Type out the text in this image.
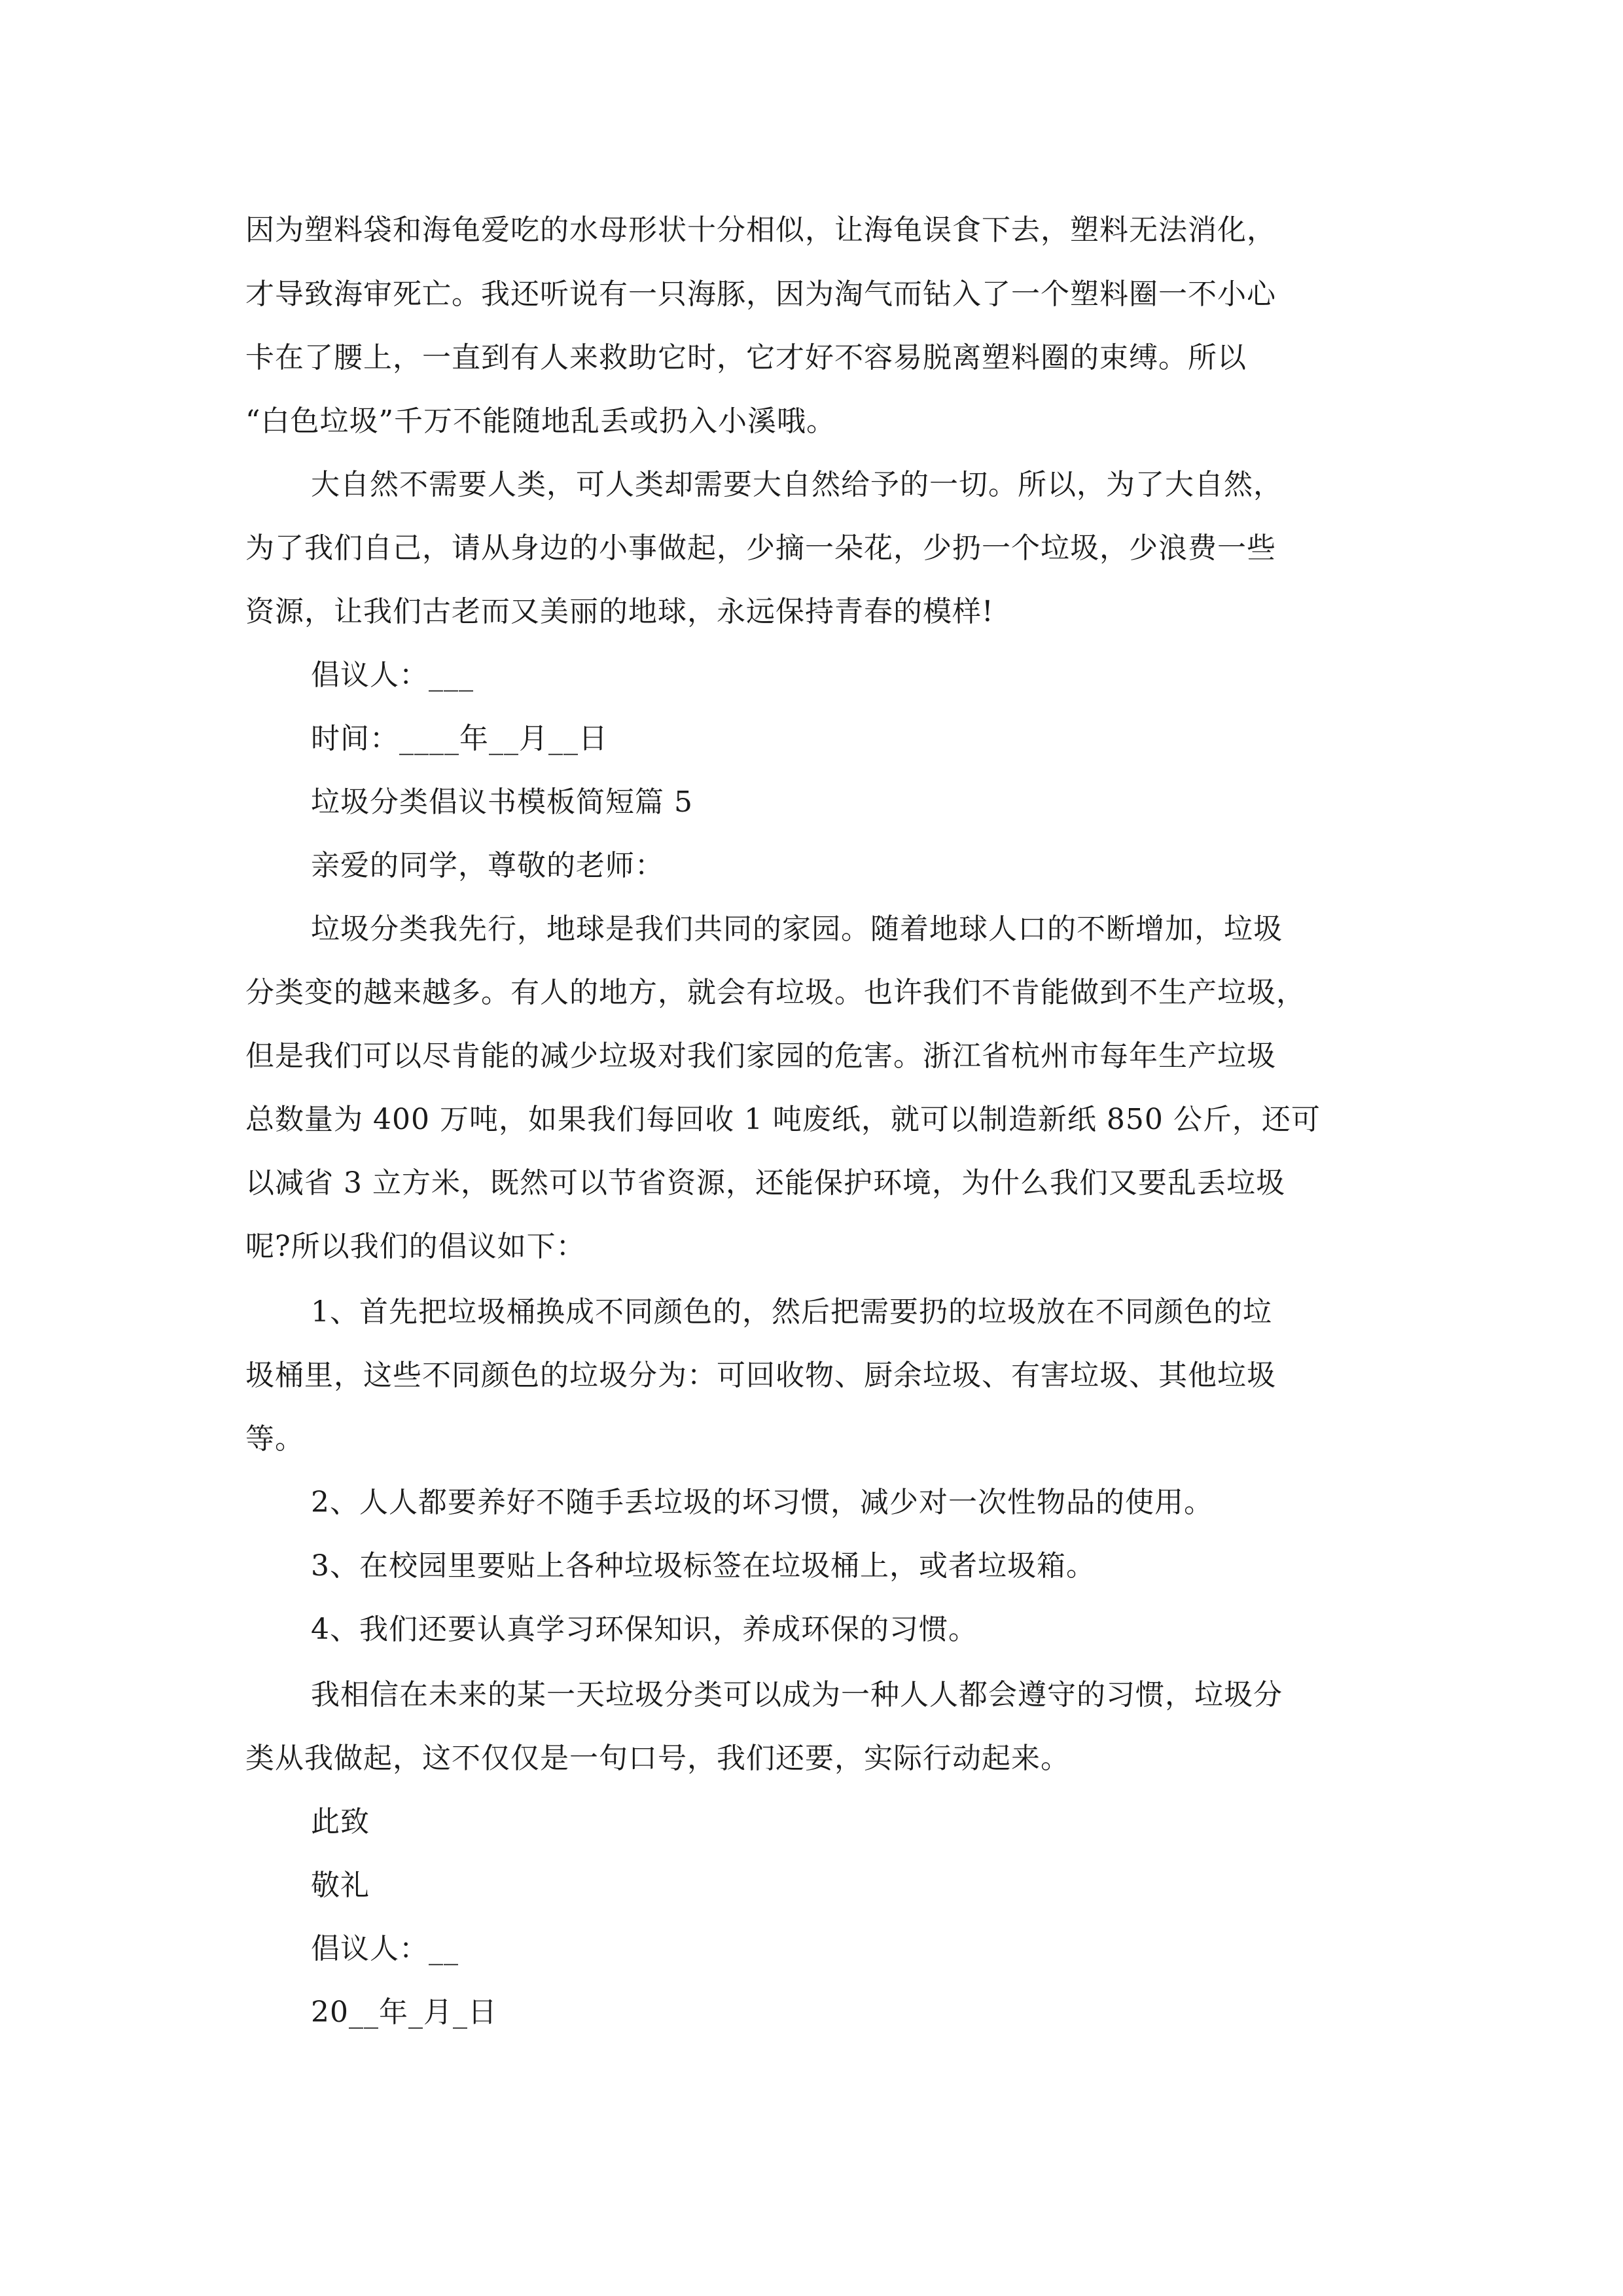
因为塑料袋和海龟爱吃的水母形状十分相似，让海龟误食下去，塑料无法消化，
才导致海审死亡。我还听说有一只海豚，因为淘气而钻入了一个塑料圈一不小心
卡在了腰上，一直到有人来救助它时，它才好不容易脱离塑料圈的束缚。所以
“白色垃圾”千万不能随地乱丢或扔入小溪哦。
大自然不需要人类，可人类却需要大自然给予的一切。所以，为了大自然，
为了我们自己，请从身边的小事做起，少摘一朵花，少扔一个垃圾，少浪费一些
资源，让我们古老而又美丽的地球，永远保持青春的模样!
倡议人：___
时间：____年__月__日
垃圾分类倡议书模板简短篇 5
亲爱的同学，尊敬的老师：
垃圾分类我先行，地球是我们共同的家园。随着地球人口的不断增加，垃圾
分类变的越来越多。有人的地方，就会有垃圾。也许我们不肯能做到不生产垃圾，
但是我们可以尽肯能的减少垃圾对我们家园的危害。浙江省杭州市每年生产垃圾
总数量为 400 万吨，如果我们每回收 1 吨废纸，就可以制造新纸 850 公斤，还可
以减省 3 立方米，既然可以节省资源，还能保护环境，为什么我们又要乱丢垃圾
呢?所以我们的倡议如下：
1、首先把垃圾桶换成不同颜色的，然后把需要扔的垃圾放在不同颜色的垃
圾桶里，这些不同颜色的垃圾分为：可回收物、厨余垃圾、有害垃圾、其他垃圾
等。
2、人人都要养好不随手丢垃圾的坏习惯，减少对一次性物品的使用。
3、在校园里要贴上各种垃圾标签在垃圾桶上，或者垃圾箱。
4、我们还要认真学习环保知识，养成环保的习惯。
我相信在未来的某一天垃圾分类可以成为一种人人都会遵守的习惯，垃圾分
类从我做起，这不仅仅是一句口号，我们还要，实际行动起来。
此致
敬礼
倡议人：__
20__年_月_日
